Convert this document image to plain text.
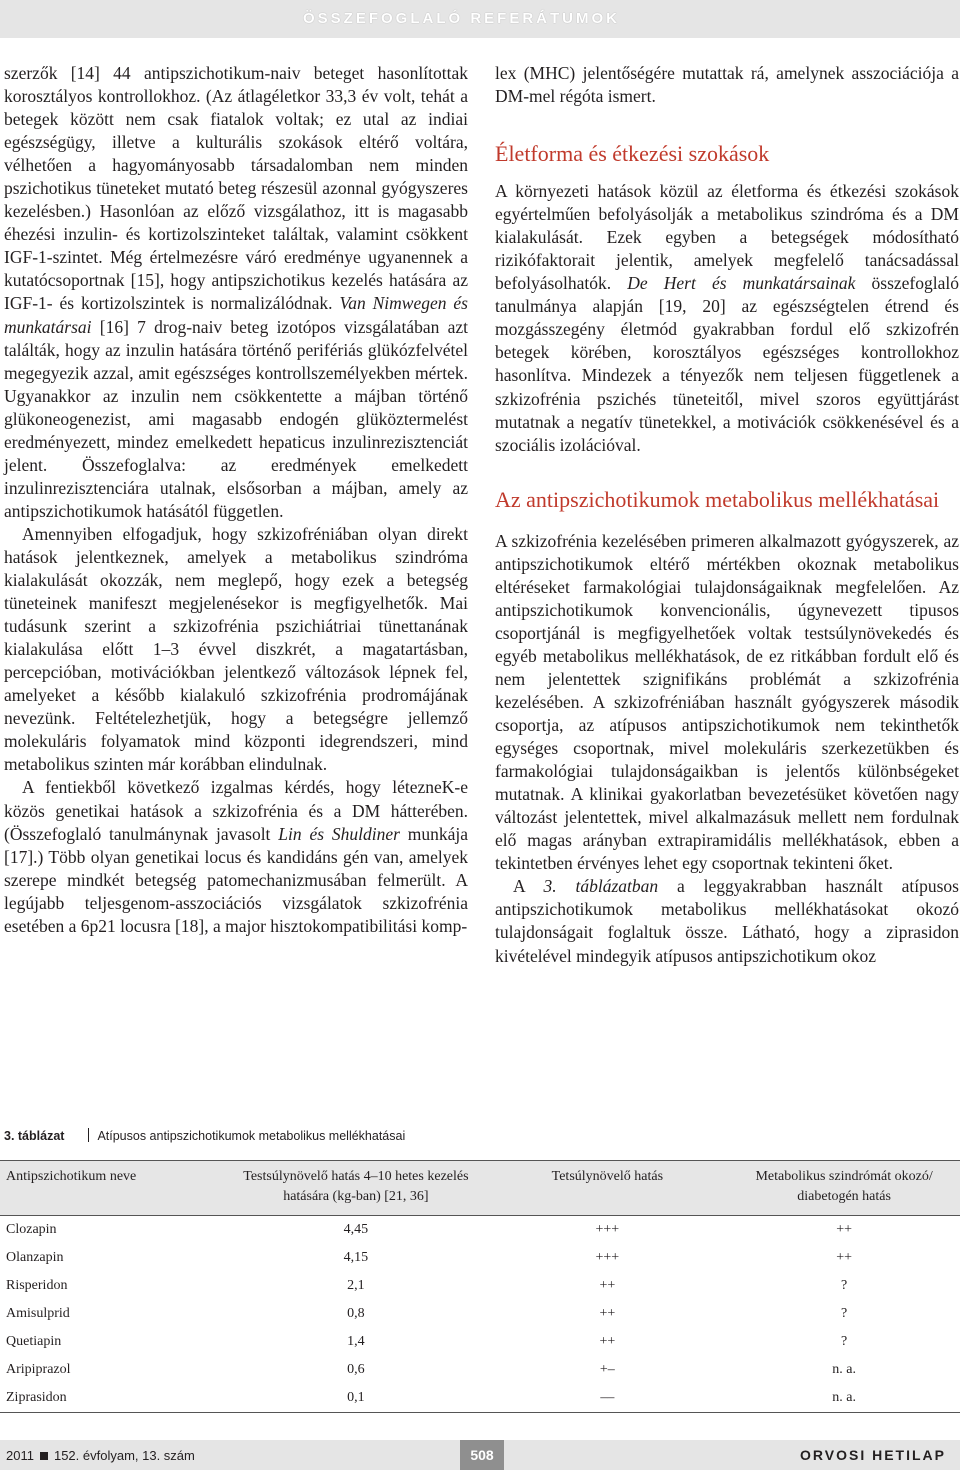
ÖSSZEFOGLALÓ REFERÁTUMOK

szerzők [14] 44 antipszichotikum-naiv beteget hasonlítottak korosztályos kontrollokhoz. (Az átlagéletkor 33,3 év volt, tehát a betegek között nem csak fiatalok voltak; ez utal az indiai egészségügy, illetve a kulturális szokások eltérő voltára, vélhetően a hagyományosabb társadalomban nem minden pszichotikus tüneteket mutató beteg részesül azonnal gyógyszeres kezelésben.) Hasonlóan az előző vizsgálathoz, itt is magasabb éhezési inzulin- és kortizolszinteket találtak, valamint csökkent IGF-1-szintet. Még értelmezésre váró eredménye ugyanennek a kutatócsoportnak [15], hogy antipszichotikus kezelés hatására az IGF-1- és kortizolszintek is normalizálódnak. Van Nimwegen és munkatársai [16] 7 drog-naiv beteg izotópos vizsgálatában azt találták, hogy az inzulin hatására történő perifériás glükózfelvétel megegyezik azzal, amit egészséges kontrollszemélyekben mértek. Ugyanakkor az inzulin nem csökkentette a májban történő glükoneogenezist, ami magasabb endogén glüköztermelést eredményezett, mindez emelkedett hepaticus inzulinrezisztenciát jelent. Összefoglalva: az eredmények emelkedett inzulinrezisztenciára utalnak, elsősorban a májban, amely az antipszichotikumok hatásától független.

Amennyiben elfogadjuk, hogy szkizofréniában olyan direkt hatások jelentkeznek, amelyek a metabolikus szindróma kialakulását okozzák, nem meglepő, hogy ezek a betegség tüneteinek manifeszt megjelenésekor is megfigyelhetők. Mai tudásunk szerint a szkizofrénia pszichiátriai tünettanának kialakulása előtt 1–3 évvel diszkrét, a magatartásban, percepcióban, motivációkban jelentkező változások lépnek fel, amelyeket a később kialakuló szkizofrénia prodromájának nevezünk. Feltételezhetjük, hogy a betegségre jellemző molekuláris folyamatok mind központi idegrendszeri, mind metabolikus szinten már korábban elindulnak.

A fentiekből következő izgalmas kérdés, hogy létezneK-e közös genetikai hatások a szkizofrénia és a DM hátterében. (Összefoglaló tanulmánynak javasolt Lin és Shuldiner munkája [17].) Több olyan genetikai locus és kandidáns gén van, amelyek szerepe mindkét betegség patomechanizmusában felmerült. A legújabb teljesgenom-asszociációs vizsgálatok szkizofrénia esetében a 6p21 locusra [18], a major hisztokompatibilitási komp-

lex (MHC) jelentőségére mutattak rá, amelynek asszociációja a DM-mel régóta ismert.

Életforma és étkezési szokások

A környezeti hatások közül az életforma és étkezési szokások egyértelműen befolyásolják a metabolikus szindróma és a DM kialakulását. Ezek egyben a betegségek módosítható rizikófaktorait jelentik, amelyek megfelelő tanácsadással befolyásolhatók. De Hert és munkatársainak összefoglaló tanulmánya alapján [19, 20] az egészségtelen étrend és mozgásszegény életmód gyakrabban fordul elő szkizofrén betegek körében, korosztályos egészséges kontrollokhoz hasonlítva. Mindezek a tényezők nem teljesen függetlenek a szkizofrénia pszichés tüneteitől, mivel szoros együttjárást mutatnak a negatív tünetekkel, a motivációk csökkenésével és a szociális izolációval.

Az antipszichotikumok metabolikus mellékhatásai

A szkizofrénia kezelésében primeren alkalmazott gyógyszerek, az antipszichotikumok eltérő mértékben okoznak metabolikus eltéréseket farmakológiai tulajdonságaiknak megfelelően. Az antipszichotikumok konvencionális, úgynevezett tipusos csoportjánál is megfigyelhetőek voltak testsúlynövekedés és egyéb metabolikus mellékhatások, de ez ritkábban fordult elő és nem jelentettek szignifikáns problémát a szkizofrénia kezelésében. A szkizofréniában használt gyógyszerek második csoportja, az atípusos antipszichotikumok nem tekinthetők egységes csoportnak, mivel molekuláris szerkezetükben és farmakológiai tulajdonságaikban is jelentős különbségeket mutatnak. A klinikai gyakorlatban bevezetésüket követően nagy változást jelentettek, mivel alkalmazásuk mellett nem fordulnak elő magas arányban extrapiramidális mellékhatások, ebben a tekintetben érvényes lehet egy csoportnak tekinteni őket.

A 3. táblázatban a leggyakrabban használt atípusos antipszichotikumok metabolikus mellékhatásokat okozó tulajdonságait foglaltuk össze. Látható, hogy a ziprasidon kivételével mindegyik atípusos antipszichotikum okoz

3. táblázat	Atípusos antipszichotikumok metabolikus mellékhatásai
Antipszichotikum neve	Testsúlynövelő hatás 4–10 hetes kezelés hatására (kg-ban) [21, 36]	Tetsúlynövelő hatás	Metabolikus szindrómát okozó/ diabetogén hatás
Clozapin	4,45	+++	++
Olanzapin	4,15	+++	++
Risperidon	2,1	++	?
Amisulprid	0,8	++	?
Quetiapin	1,4	++	?
Aripiprazol	0,6	+–	n. a.
Ziprasidon	0,1	––	n. a.
2011 152. évfolyam, 13. szám	508	ORVOSI HETILAP
